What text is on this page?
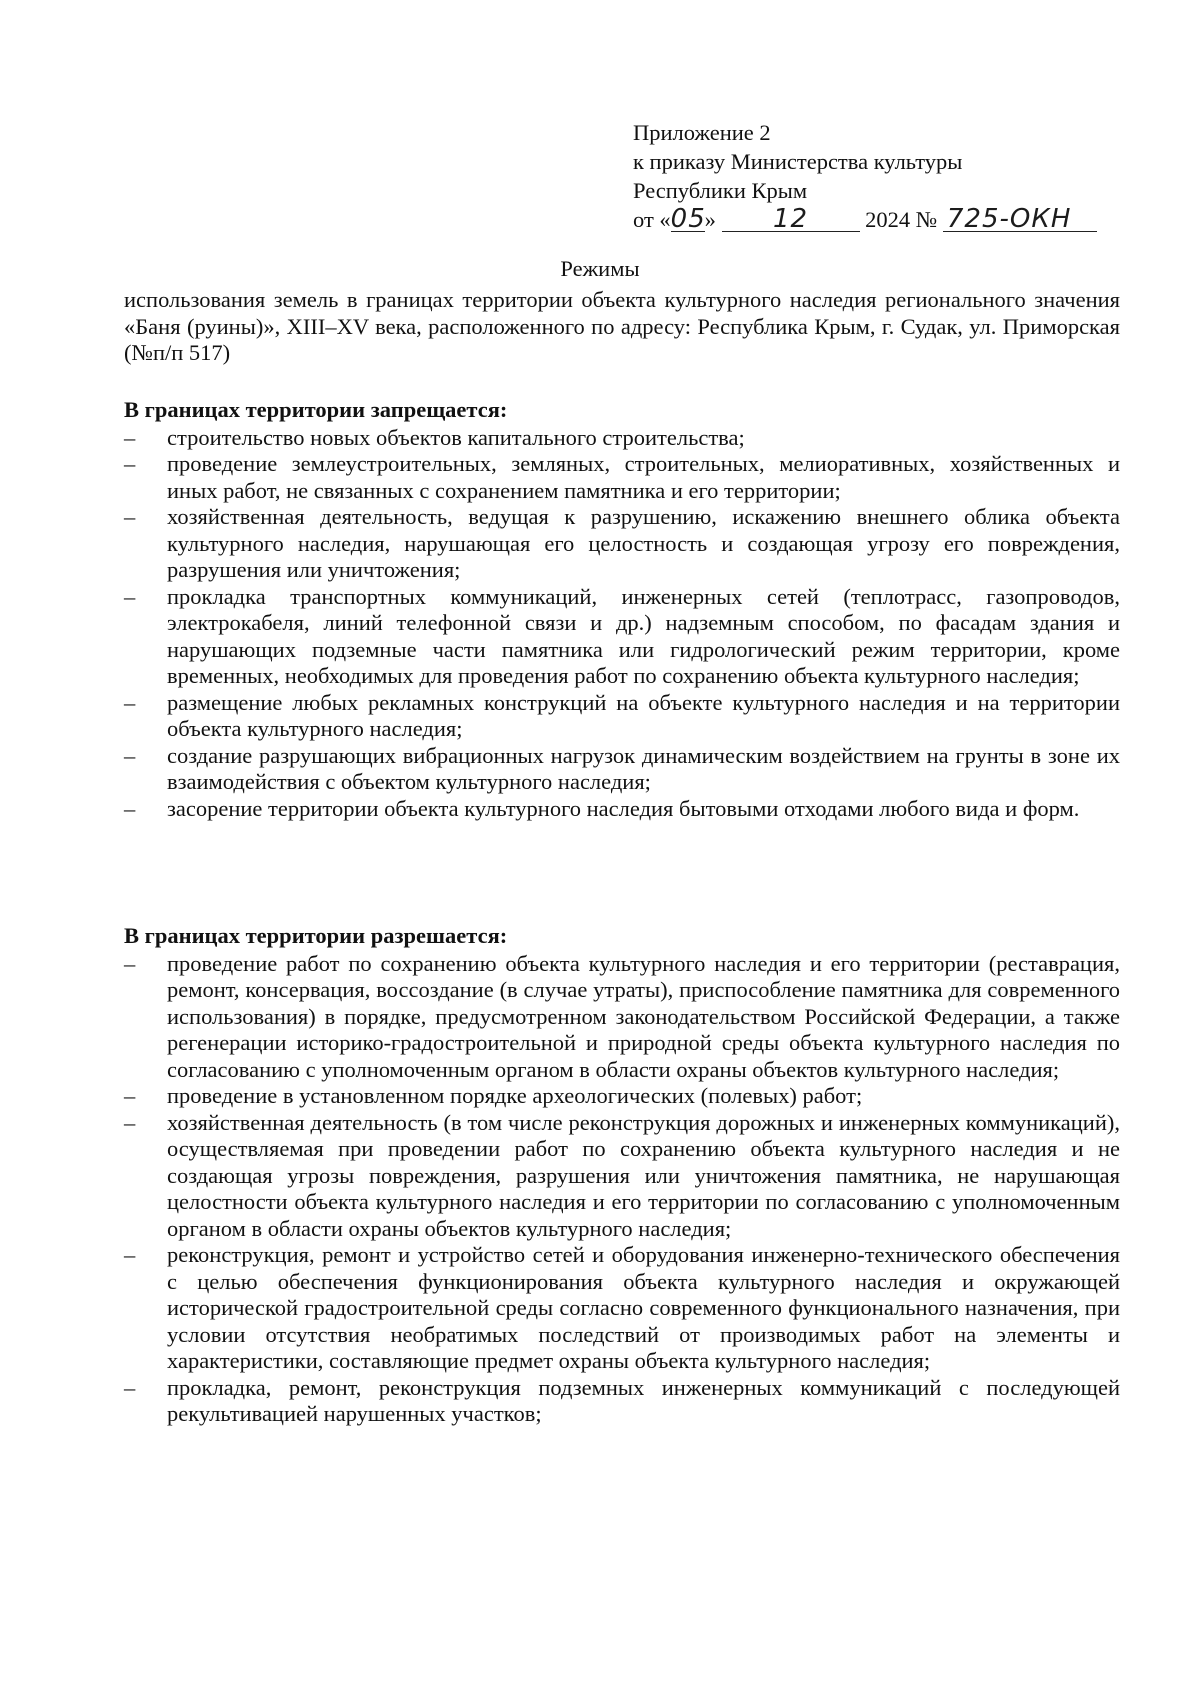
Приложение 2
к приказу Министерства культуры
Республики Крым
от «05» 12	2024 № 725-ОКН
Режимы
использования земель в границах территории объекта культурного наследия регионального значения «Баня (руины)», XIII–XV века, расположенного по адресу: Республика Крым, г. Судак, ул. Приморская (№п/п 517)
В границах территории запрещается:
– строительство новых объектов капитального строительства;
– проведение землеустроительных, земляных, строительных, мелиоративных, хозяйственных и иных работ, не связанных с сохранением памятника и его территории;
– хозяйственная деятельность, ведущая к разрушению, искажению внешнего облика объекта культурного наследия, нарушающая его целостность и создающая угрозу его повреждения, разрушения или уничтожения;
– прокладка транспортных коммуникаций, инженерных сетей (теплотрасс, газопроводов, электрокабеля, линий телефонной связи и др.) надземным способом, по фасадам здания и нарушающих подземные части памятника или гидрологический режим территории, кроме временных, необходимых для проведения работ по сохранению объекта культурного наследия;
– размещение любых рекламных конструкций на объекте культурного наследия и на территории объекта культурного наследия;
– создание разрушающих вибрационных нагрузок динамическим воздействием на грунты в зоне их взаимодействия с объектом культурного наследия;
– засорение территории объекта культурного наследия бытовыми отходами любого вида и форм.
В границах территории разрешается:
– проведение работ по сохранению объекта культурного наследия и его территории (реставрация, ремонт, консервация, воссоздание (в случае утраты), приспособление памятника для современного использования) в порядке, предусмотренном законодательством Российской Федерации, а также регенерации историко-градостроительной и природной среды объекта культурного наследия по согласованию с уполномоченным органом в области охраны объектов культурного наследия;
– проведение в установленном порядке археологических (полевых) работ;
– хозяйственная деятельность (в том числе реконструкция дорожных и инженерных коммуникаций), осуществляемая при проведении работ по сохранению объекта культурного наследия и не создающая угрозы повреждения, разрушения или уничтожения памятника, не нарушающая целостности объекта культурного наследия и его территории по согласованию с уполномоченным органом в области охраны объектов культурного наследия;
– реконструкция, ремонт и устройство сетей и оборудования инженерно-технического обеспечения с целью обеспечения функционирования объекта культурного наследия и окружающей исторической градостроительной среды согласно современного функционального назначения, при условии отсутствия необратимых последствий от производимых работ на элементы и характеристики, составляющие предмет охраны объекта культурного наследия;
– прокладка, ремонт, реконструкция подземных инженерных коммуникаций с последующей рекультивацией нарушенных участков;
